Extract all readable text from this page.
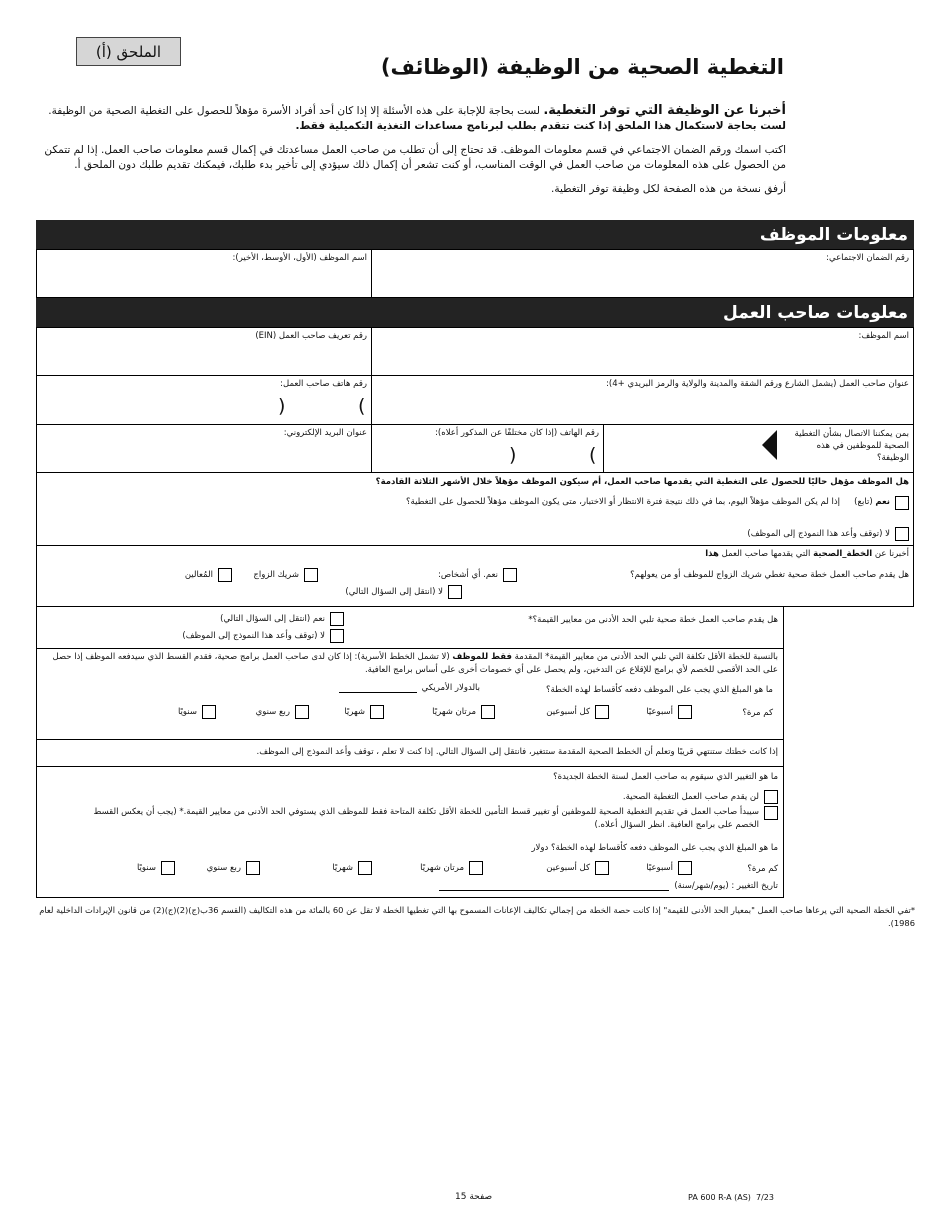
الملحق (أ)
التغطية الصحية من الوظيفة (الوظائف)

أخبرنا عن الوظيفة التي توفر التغطية. لست بحاجة للإجابة على هذه الأسئلة إلا إذا كان أحد أفراد الأسرة مؤهلاً للحصول على التغطية الصحية من الوظيفة.
لست بحاجة لاستكمال هذا الملحق إذا كنت تتقدم بطلب لبرنامج مساعدات التغذية التكميلية فقط.

اكتب اسمك ورقم الضمان الاجتماعي في قسم معلومات الموظف. قد تحتاج إلى أن تطلب من صاحب العمل مساعدتك في إكمال قسم معلومات صاحب العمل. إذا لم تتمكن من الحصول على هذه المعلومات من صاحب العمل في الوقت المناسب، أو كنت تشعر أن إكمال ذلك سيؤدي إلى تأخير بدء طلبك، فيمكنك تقديم طلبك دون الملحق أ.

أرفق نسخة من هذه الصفحة لكل وظيفة توفر التغطية.

معلومات الموظف
رقم الضمان الاجتماعي:
اسم الموظف (الأول، الأوسط، الأخير):
معلومات صاحب العمل
اسم الموظف:
رقم تعريف صاحب العمل (EIN)
عنوان صاحب العمل (يشمل الشارع ورقم الشقة والمدينة والولاية والرمز البريدي +4):
رقم هاتف صاحب العمل:
(	)
بمن يمكننا الاتصال بشأن التغطية الصحية للموظفين في هذه الوظيفة؟
رقم الهاتف (إذا كان مختلفًا عن المذكور أعلاه):
(	)
عنوان البريد الإلكتروني:
هل الموظف مؤهل حاليًا للحصول على التغطية التي يقدمها صاحب العمل، أم سيكون الموظف مؤهلاً خلال الأشهر الثلاثة القادمة؟
نعم (تابع)
إذا لم يكن الموظف مؤهلاً اليوم، بما في ذلك نتيجة فترة الانتظار أو الاختبار، متى يكون الموظف مؤهلاً للحصول على التغطية؟
لا (توقف وأعد هذا النموذج إلى الموظف)
أخبرنا عن الخطة_الصحية التي يقدمها صاحب العمل هذا
هل يقدم صاحب العمل خطة صحية تغطي شريك الزواج للموظف أو من يعولهم؟
نعم. أي أشخاص:
شريك الزواج
المُعالين
لا (انتقل إلى السؤال التالي)
هل يقدم صاحب العمل خطة صحية تلبي الحد الأدنى من معايير القيمة؟*
نعم (انتقل إلى السؤال التالي)
لا (توقف وأعد هذا النموذج إلى الموظف)
بالنسبة للخطة الأقل تكلفة التي تلبي الحد الأدنى من معايير القيمة* المقدمة فقط للموظف (لا تشمل الخطط الأسرية): إذا كان لدى صاحب العمل برامج صحية، فقدم القسط الذي سيدفعه الموظف إذا حصل على الحد الأقصى للخصم لأي برامج للإقلاع عن التدخين، ولم يحصل على أي خصومات أخرى على أساس برامج العافية.
ما هو المبلغ الذي يجب على الموظف دفعه كأقساط لهذه الخطة؟
بالدولار الأمريكي
كم مرة؟
أسبوعيًا
كل أسبوعين
مرتان شهريًا
شهريًا
ربع سنوي
سنويًا
إذا كانت خطتك ستنتهي قريبًا وتعلم أن الخطط الصحية المقدمة ستتغير، فانتقل إلى السؤال التالي. إذا كنت لا تعلم ، توقف وأعد النموذج إلى الموظف.
ما هو التغيير الذي سيقوم به صاحب العمل لسنة الخطة الجديدة؟
لن يقدم صاحب العمل التغطية الصحية.
سيبدأ صاحب العمل في تقديم التغطية الصحية للموظفين أو تغيير قسط التأمين للخطة الأقل تكلفة المتاحة فقط للموظف الذي يستوفي الحد الأدنى من معايير القيمة.* (يجب أن يعكس القسط الخصم على برامج العافية. انظر السؤال أعلاه.)
ما هو المبلغ الذي يجب على الموظف دفعه كأقساط لهذه الخطة؟ دولار
كم مرة؟
أسبوعيًا
كل أسبوعين
مرتان شهريًا
شهريًا
ربع سنوي
سنويًا
تاريخ التغيير : (يوم/شهر/سنة)
*تفي الخطة الصحية التي يرعاها صاحب العمل "بمعيار الحد الأدنى للقيمة" إذا كانت حصة الخطة من إجمالي تكاليف الإعانات المسموح بها التي تغطيها الخطة لا تقل عن 60 بالمائة من هذه التكاليف (القسم 36ب(ج)(2)(ج)(2) من قانون الإيرادات الداخلية لعام 1986).
صفحة 15	PA 600 R-A (AS) 7/23
